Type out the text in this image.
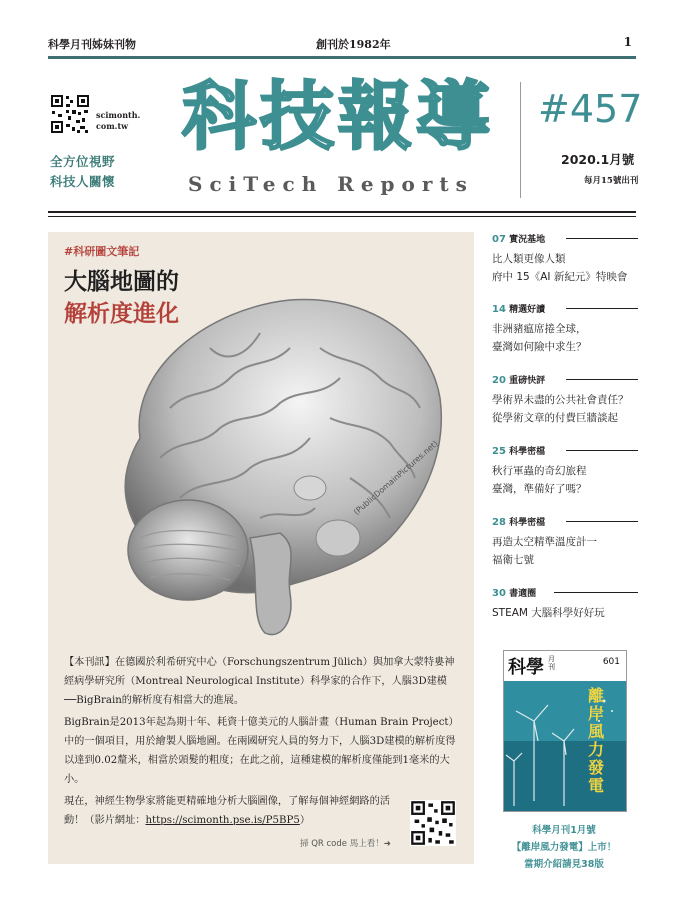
科學月刊姊妹刊物	創刊於1982年	1
scimonth.
com.tw
全方位視野
科技人關懷
科技報導
SciTech Reports
#457
2020.1月號
每月15號出刊
#科研圖文筆記
大腦地圖的
解析度進化
(PublicDomainPictures.net)

【本刊訊】在德國於利希研究中心（Forschungszentrum Jülich）與加拿大蒙特婁神經病學研究所（Montreal Neurological Institute）科學家的合作下，人腦3D建模──BigBrain的解析度有相當大的進展。

BigBrain是2013年起為期十年、耗資十億美元的人腦計畫（Human Brain Project）中的一個項目，用於繪製人腦地圖。在兩國研究人員的努力下，人腦3D建模的解析度得以達到0.02釐米，相當於頭髮的粗度；在此之前，這種建模的解析度僅能到1毫米的大小。

現在，神經生物學家將能更精確地分析大腦圖像，了解每個神經網路的活動！（影片網址：https://scimonth.pse.is/P5BP5）

掃 QR code 馬上看！➜
07 實況基地
比人類更像人類
府中 15《AI 新紀元》特映會
14 精選好讀
非洲豬瘟席捲全球，
臺灣如何險中求生？
20 重磅快評
學術界未盡的公共社會責任？
從學術文章的付費巨牆談起
25 科學密檔
秋行軍蟲的奇幻旅程
臺灣，準備好了嗎？
28 科學密檔
再造太空精準溫度計一
福衛七號
30 書適圈
STEAM 大腦科學好好玩
科學 月刊	601
離岸風力發電
科學月刊1月號
【離岸風力發電】上市！
當期介紹請見38版
